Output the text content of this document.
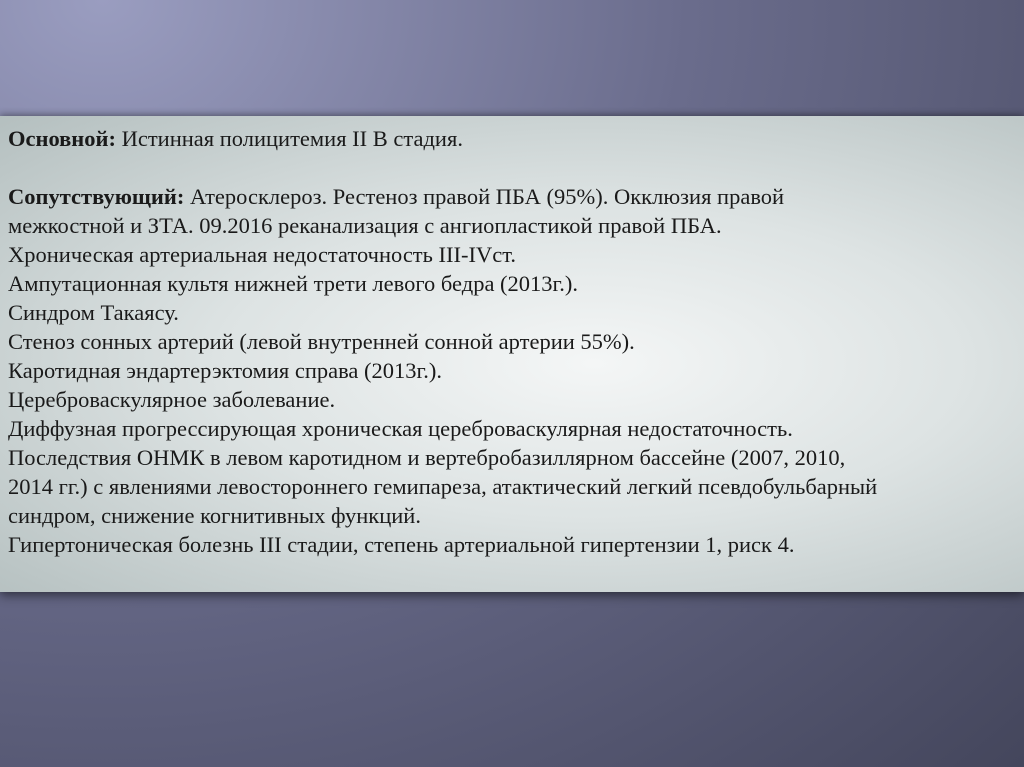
Основной: Истинная полицитемия II В стадия.

Сопутствующий: Атеросклероз. Рестеноз правой ПБА (95%). Окклюзия правой
межкостной и ЗТА. 09.2016 реканализация с ангиопластикой правой ПБА.
Хроническая артериальная недостаточность III-IVст.
Ампутационная культя нижней трети левого бедра (2013г.).
Синдром Такаясу.
Стеноз сонных артерий (левой внутренней сонной артерии 55%).
Каротидная эндартерэктомия справа (2013г.).
Цереброваскулярное заболевание.
Диффузная прогрессирующая хроническая цереброваскулярная недостаточность.
Последствия ОНМК в левом каротидном и вертебробазиллярном бассейне (2007, 2010,
2014 гг.) с явлениями левостороннего гемипареза, атактический легкий псевдобульбарный
синдром, снижение когнитивных функций.
Гипертоническая болезнь III стадии, степень артериальной гипертензии 1, риск 4.
